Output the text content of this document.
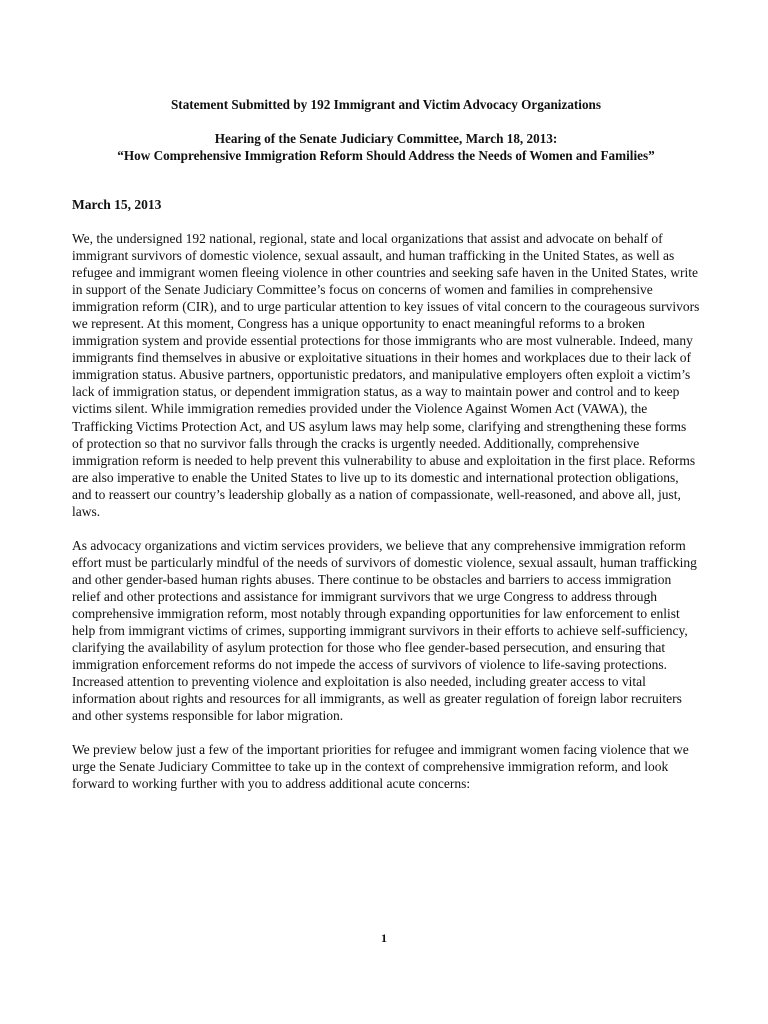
Statement Submitted by 192 Immigrant and Victim Advocacy Organizations

Hearing of the Senate Judiciary Committee, March 18, 2013:

“How Comprehensive Immigration Reform Should Address the Needs of Women and Families”

March 15, 2013

We, the undersigned 192 national, regional, state and local organizations that assist and advocate on behalf of immigrant survivors of domestic violence, sexual assault, and human trafficking in the United States, as well as refugee and immigrant women fleeing violence in other countries and seeking safe haven in the United States, write in support of the Senate Judiciary Committee’s focus on concerns of women and families in comprehensive immigration reform (CIR), and to urge particular attention to key issues of vital concern to the courageous survivors we represent. At this moment, Congress has a unique opportunity to enact meaningful reforms to a broken immigration system and provide essential protections for those immigrants who are most vulnerable. Indeed, many immigrants find themselves in abusive or exploitative situations in their homes and workplaces due to their lack of immigration status. Abusive partners, opportunistic predators, and manipulative employers often exploit a victim’s lack of immigration status, or dependent immigration status, as a way to maintain power and control and to keep victims silent. While immigration remedies provided under the Violence Against Women Act (VAWA), the Trafficking Victims Protection Act, and US asylum laws may help some, clarifying and strengthening these forms of protection so that no survivor falls through the cracks is urgently needed. Additionally, comprehensive immigration reform is needed to help prevent this vulnerability to abuse and exploitation in the first place. Reforms are also imperative to enable the United States to live up to its domestic and international protection obligations, and to reassert our country’s leadership globally as a nation of compassionate, well-reasoned, and above all, just, laws.

As advocacy organizations and victim services providers, we believe that any comprehensive immigration reform effort must be particularly mindful of the needs of survivors of domestic violence, sexual assault, human trafficking and other gender-based human rights abuses. There continue to be obstacles and barriers to access immigration relief and other protections and assistance for immigrant survivors that we urge Congress to address through comprehensive immigration reform, most notably through expanding opportunities for law enforcement to enlist help from immigrant victims of crimes, supporting immigrant survivors in their efforts to achieve self-sufficiency, clarifying the availability of asylum protection for those who flee gender-based persecution, and ensuring that immigration enforcement reforms do not impede the access of survivors of violence to life-saving protections. Increased attention to preventing violence and exploitation is also needed, including greater access to vital information about rights and resources for all immigrants, as well as greater regulation of foreign labor recruiters and other systems responsible for labor migration.

We preview below just a few of the important priorities for refugee and immigrant women facing violence that we urge the Senate Judiciary Committee to take up in the context of comprehensive immigration reform, and look forward to working further with you to address additional acute concerns:

1
